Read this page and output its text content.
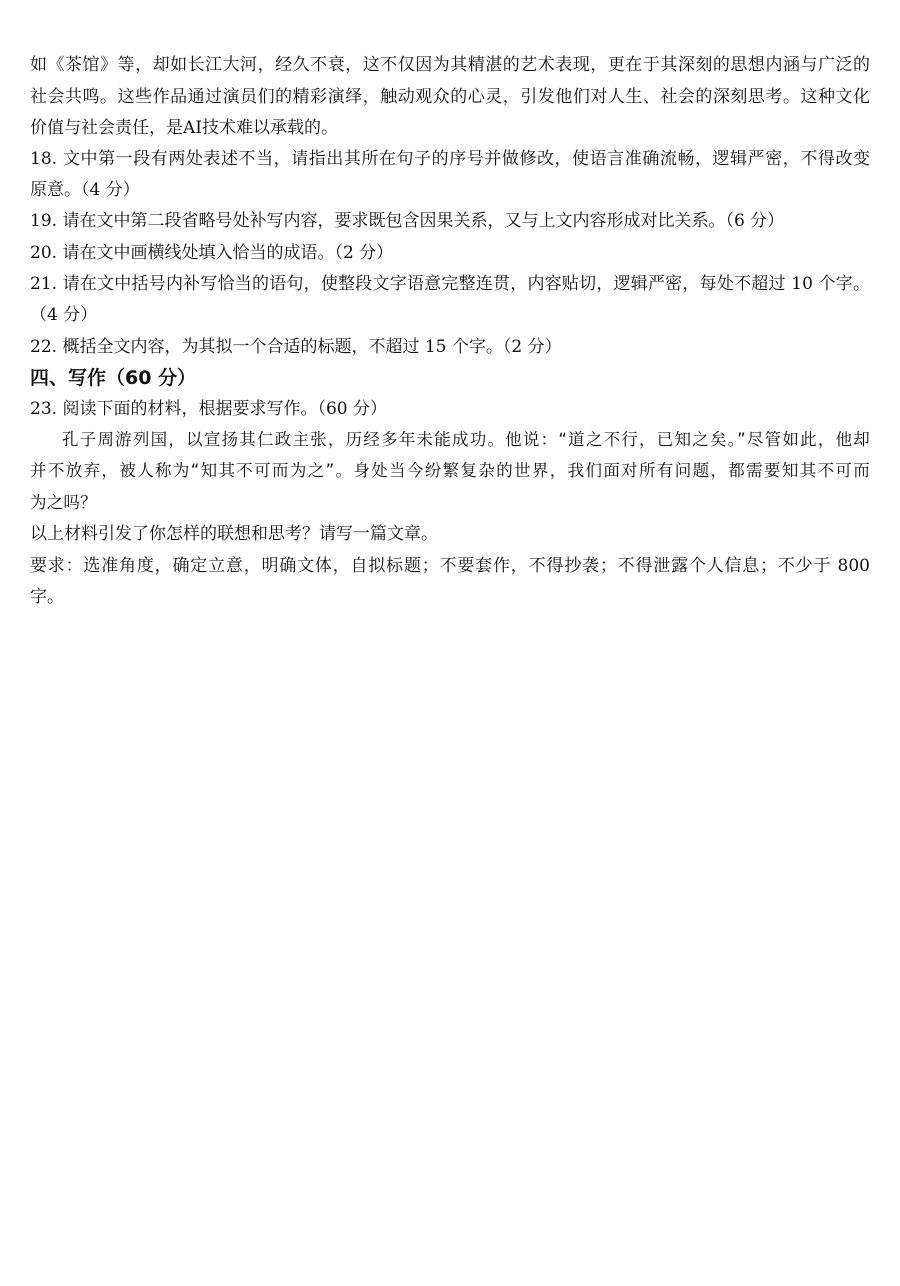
如《茶馆》等，却如长江大河，经久不衰，这不仅因为其精湛的艺术表现，更在于其深刻的思想内涵与广泛的
社会共鸣。这些作品通过演员们的精彩演绎，触动观众的心灵，引发他们对人生、社会的深刻思考。这种文化
价值与社会责任，是AI技术难以承载的。
18. 文中第一段有两处表述不当，请指出其所在句子的序号并做修改，使语言准确流畅，逻辑严密，不得改变
原意。（4 分）
19. 请在文中第二段省略号处补写内容，要求既包含因果关系，又与上文内容形成对比关系。（6 分）
20. 请在文中画横线处填入恰当的成语。（2 分）
21. 请在文中括号内补写恰当的语句，使整段文字语意完整连贯，内容贴切，逻辑严密，每处不超过 10 个字。
（4 分）
22. 概括全文内容，为其拟一个合适的标题，不超过 15 个字。（2 分）
四、写作（60 分）
23. 阅读下面的材料，根据要求写作。（60 分）
孔子周游列国，以宣扬其仁政主张，历经多年未能成功。他说：“道之不行，已知之矣。”尽管如此，他却
并不放弃，被人称为“知其不可而为之”。身处当今纷繁复杂的世界，我们面对所有问题，都需要知其不可而
为之吗？
以上材料引发了你怎样的联想和思考？请写一篇文章。
要求：选准角度，确定立意，明确文体，自拟标题；不要套作，不得抄袭；不得泄露个人信息；不少于 800
字。
